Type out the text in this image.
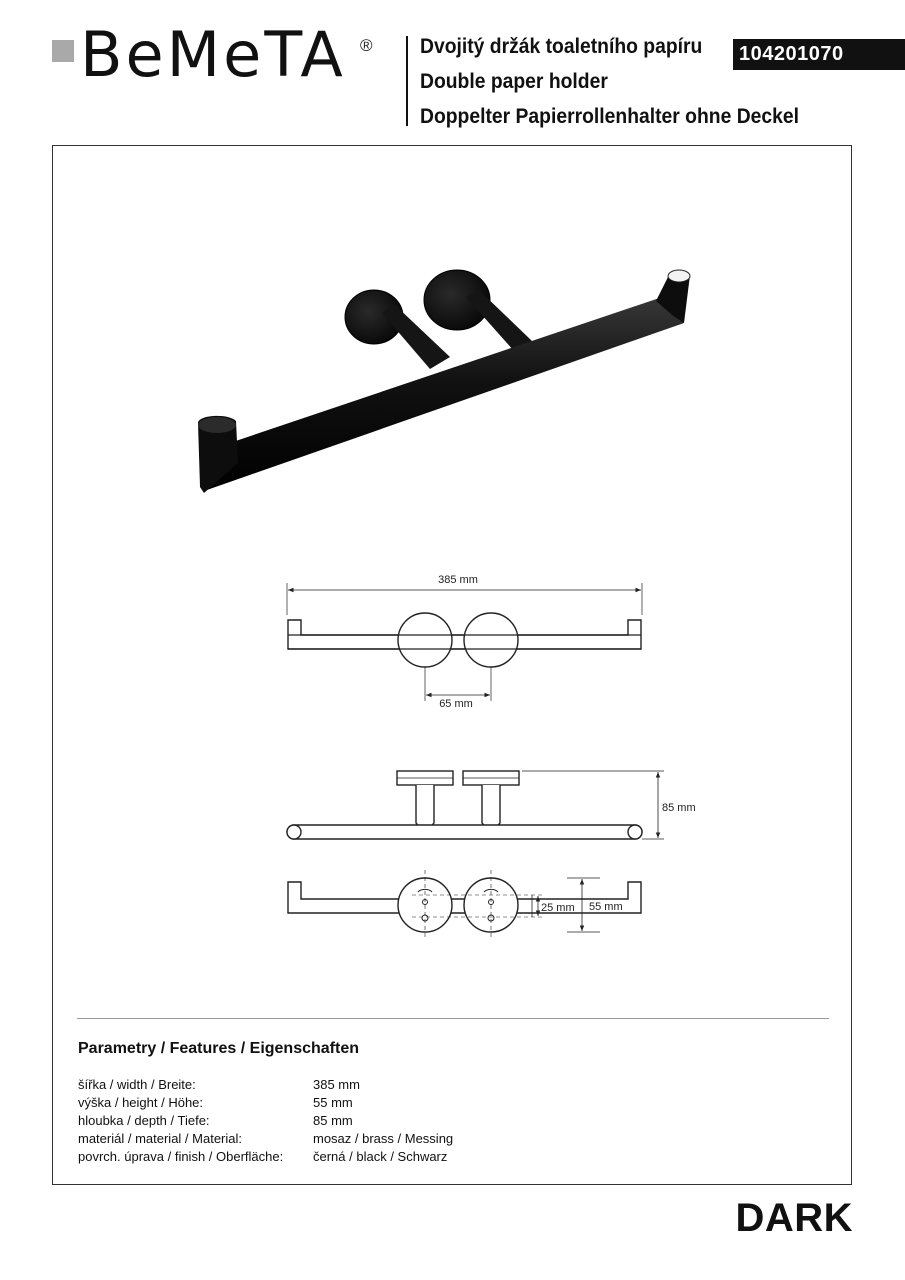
BeMeTA ® Dvojitý držák toaletního papíru
Double paper holder
Doppelter Papierrollenhalter ohne Deckel
104201070
385 mm
65 mm
85 mm
25 mm 55 mm
Parametry / Features / Eigenschaften
šířka / width / Breite:	385 mm
výška / height / Höhe:	55 mm
hloubka / depth / Tiefe:	85 mm
materiál / material / Material:	mosaz / brass / Messing
povrch. úprava / finish / Oberfläche: černá / black / Schwarz
DARK
